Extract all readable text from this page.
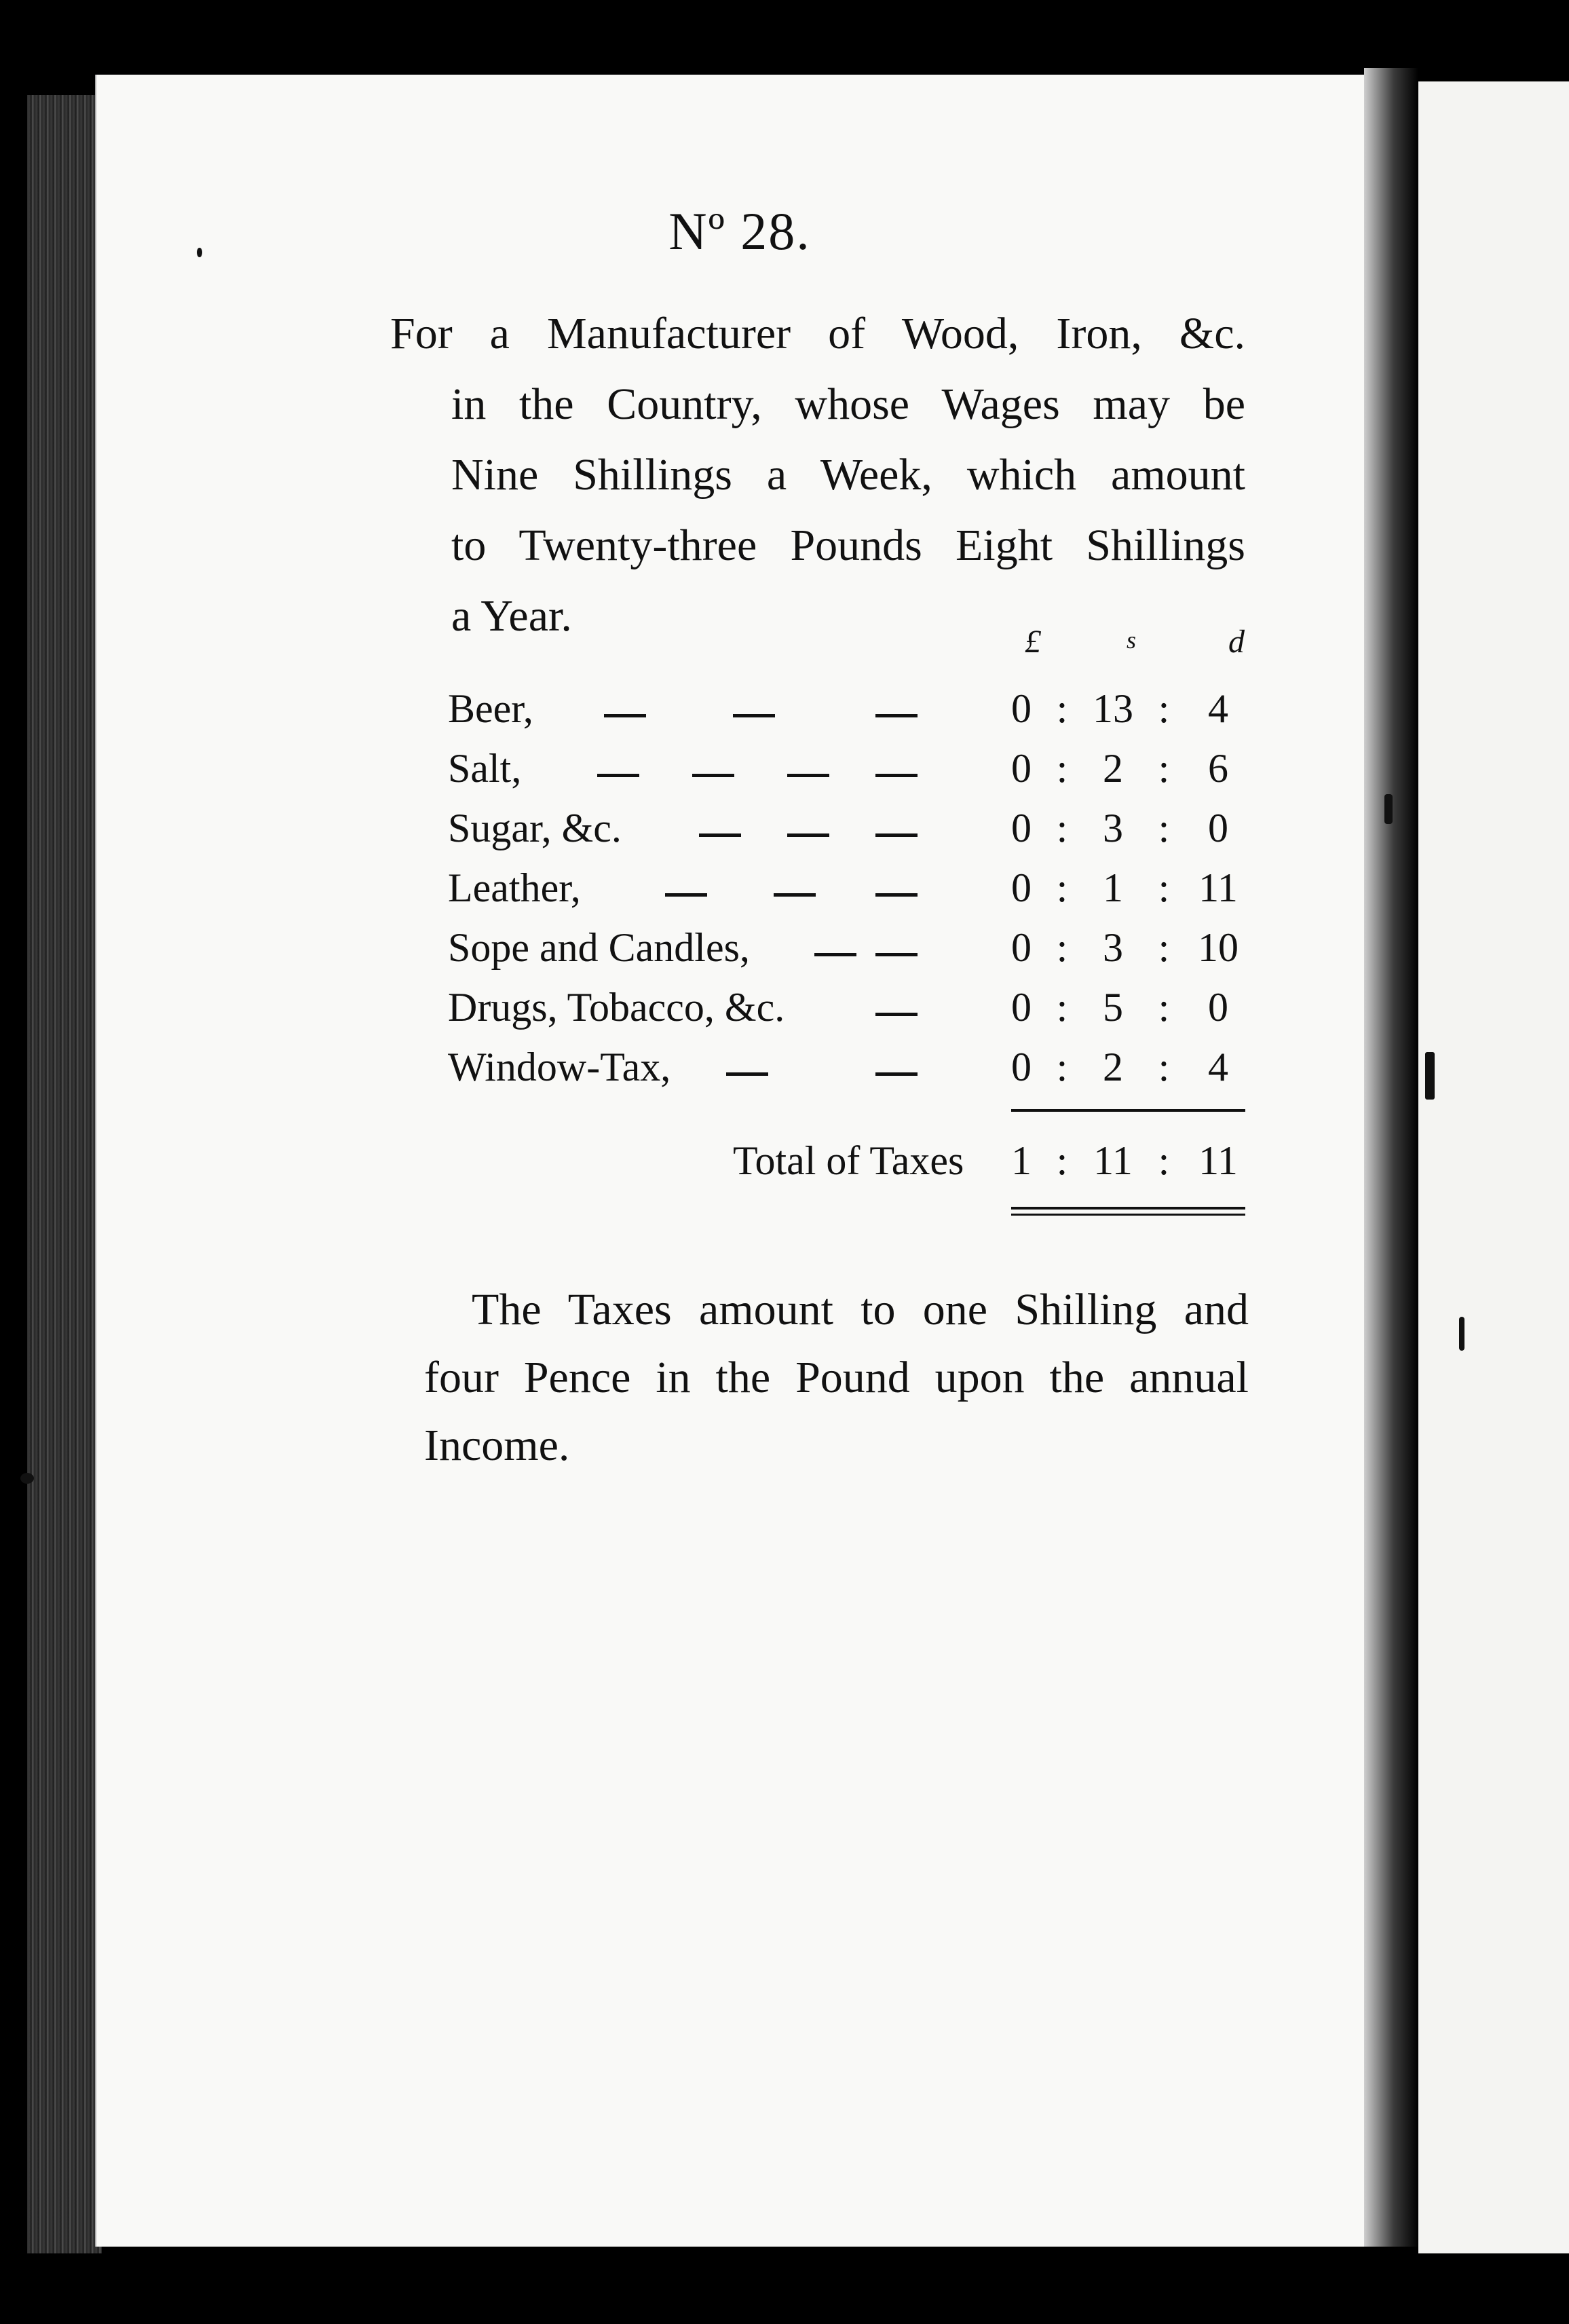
Nº 28.
For a Manufacturer of Wood, Iron, &c.
in the Country, whose Wages may be
Nine Shillings a Week, which amount
to Twenty-three Pounds Eight Shillings
a Year.
£	s	d
Beer,	0 : 13 : 4
Salt,	0 : 2 : 6
Sugar, &c.	0 : 3 : 0
Leather,	0 : 1 : 11
Sope and Candles,	0 : 3 : 10
Drugs, Tobacco, &c.	0 : 5 : 0
Window-Tax,	0 : 2 : 4
Total of Taxes 1 : 11 : 11
The Taxes amount to one Shilling and
four Pence in the Pound upon the annual
Income.
